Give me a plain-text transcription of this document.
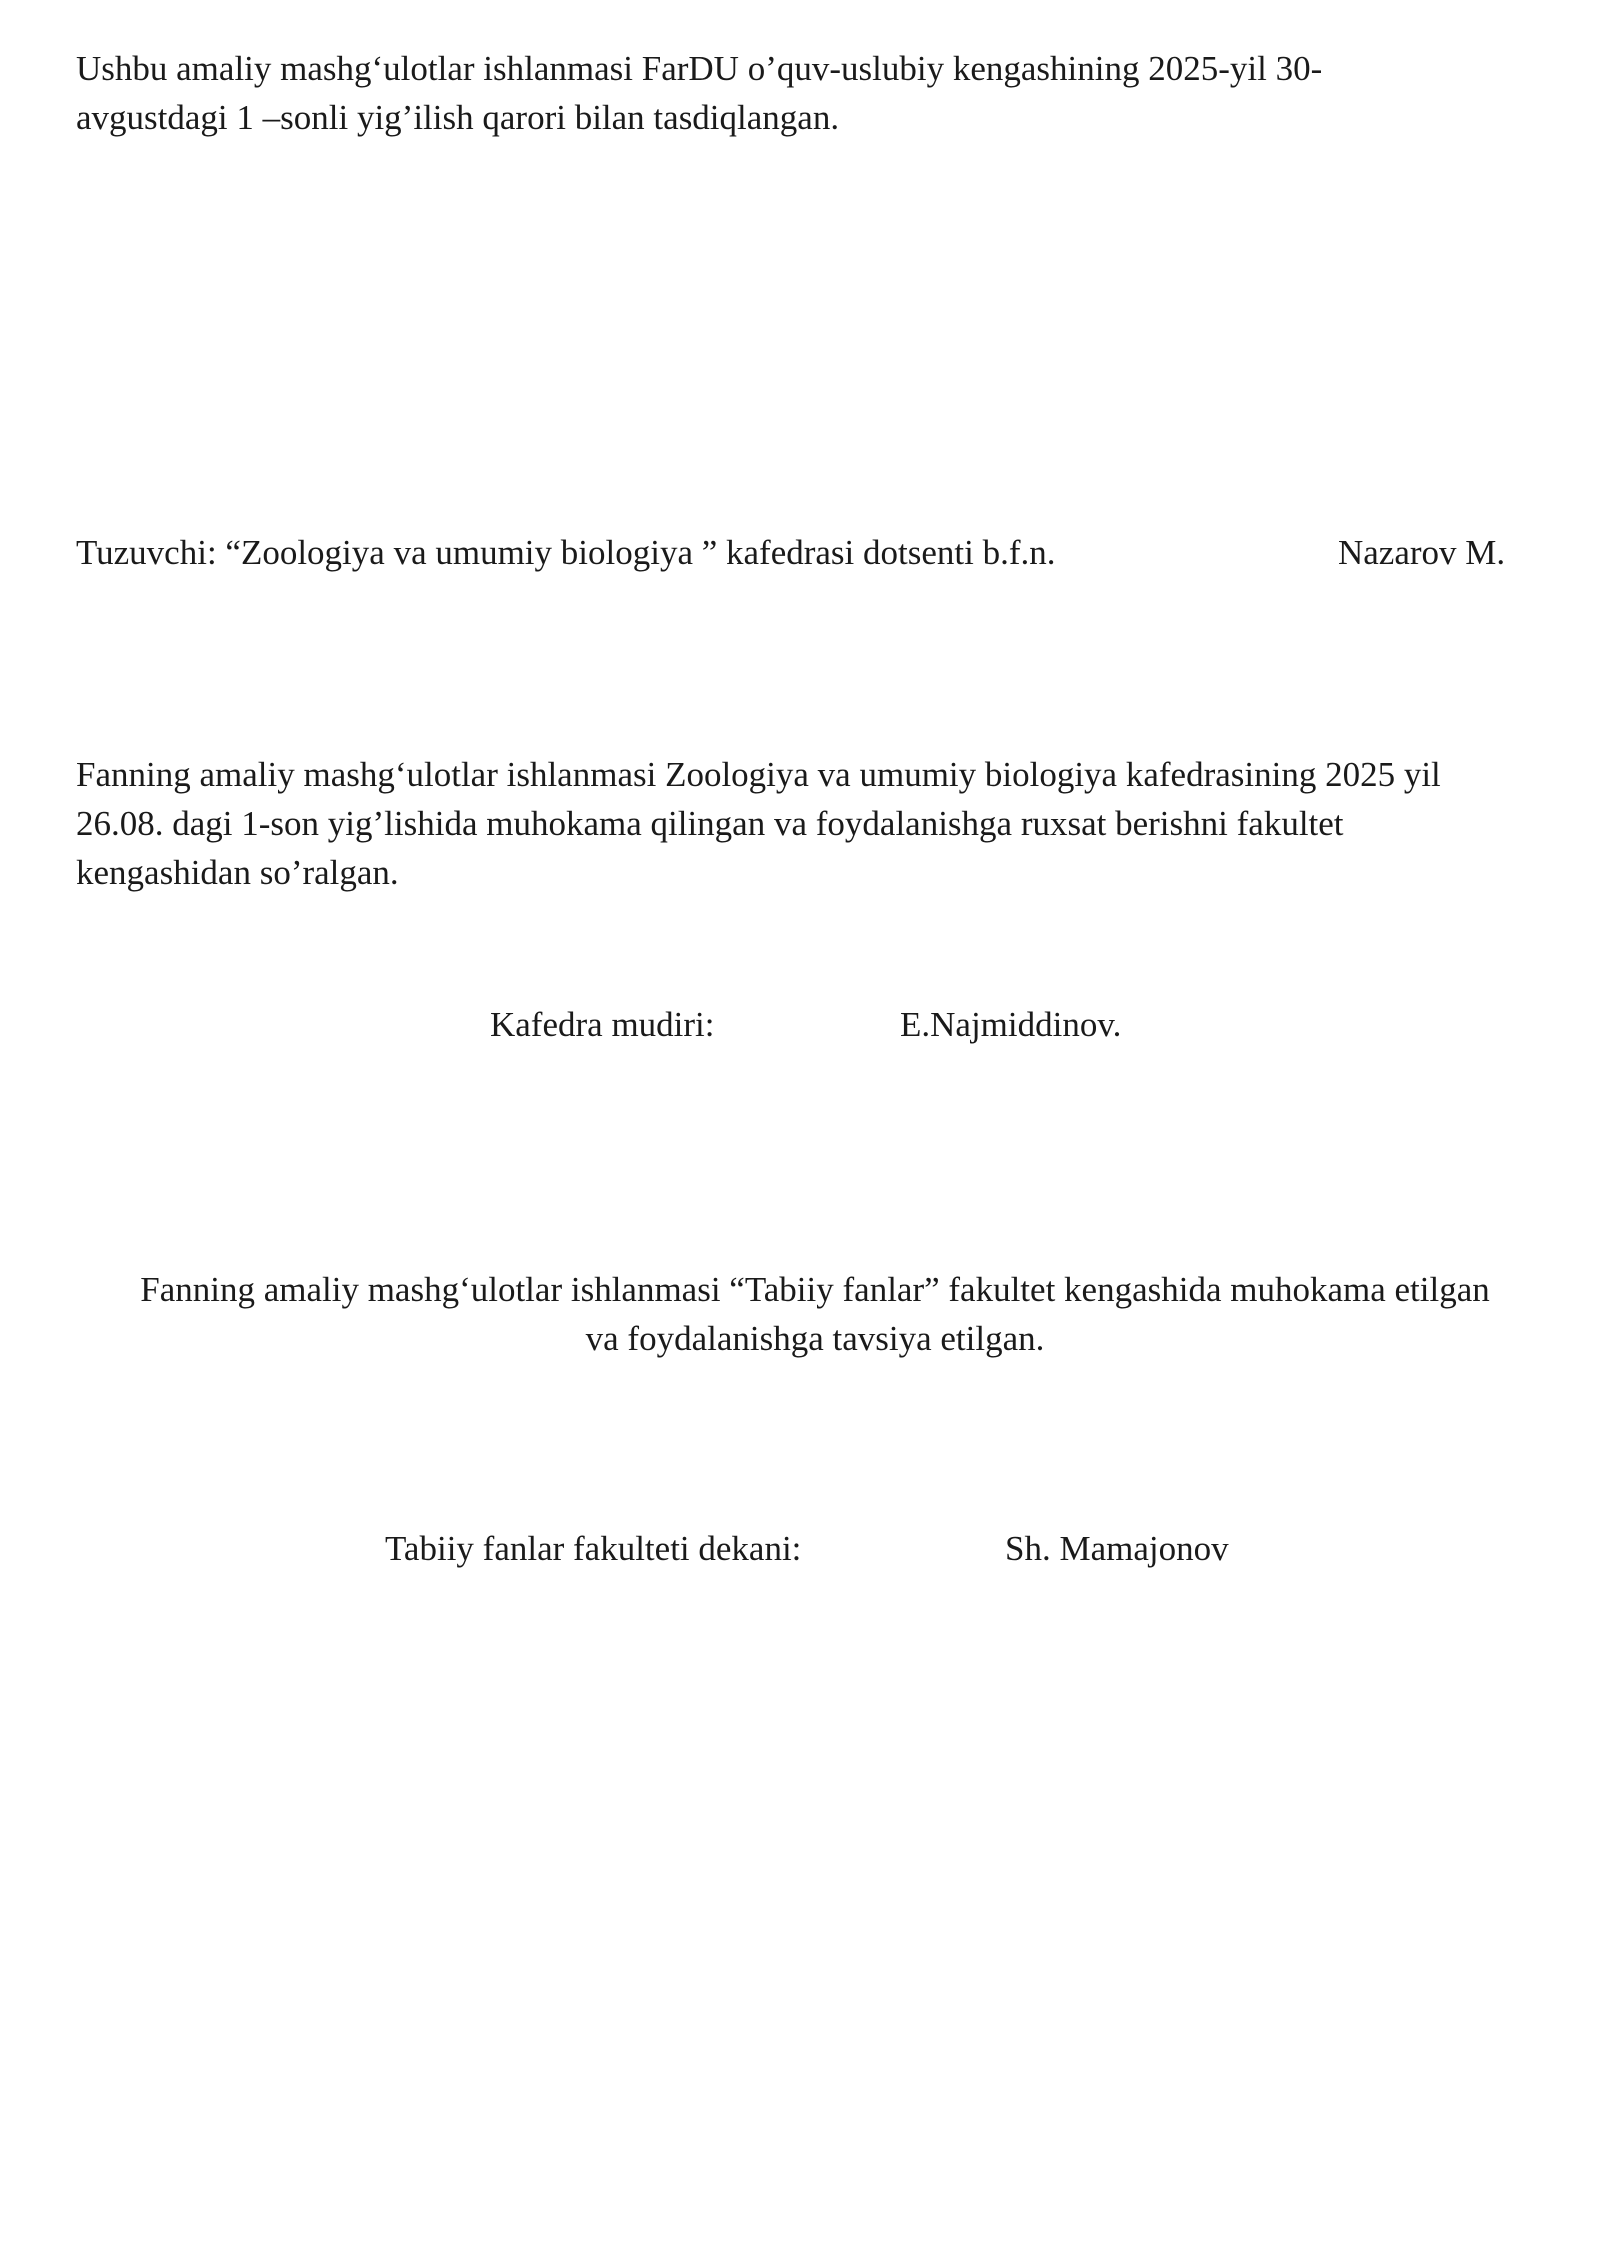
Ushbu amaliy mashg‘ulotlar ishlanmasi FarDU o’quv-uslubiy kengashining 2025-yil 30-

avgustdagi 1 –sonli yig’ilish qarori bilan tasdiqlangan.

Tuzuvchi: “Zoologiya va umumiy biologiya ” kafedrasi dotsenti b.f.n.	Nazarov M.

Fanning amaliy mashg‘ulotlar ishlanmasi Zoologiya va umumiy biologiya kafedrasining 2025 yil

26.08. dagi 1-son yig’lishida muhokama qilingan va foydalanishga ruxsat berishni fakultet

kengashidan so’ralgan.

Kafedra mudiri:	E.Najmiddinov.

Fanning amaliy mashg‘ulotlar ishlanmasi “Tabiiy fanlar” fakultet kengashida muhokama etilgan

va foydalanishga tavsiya etilgan.

Tabiiy fanlar fakulteti dekani:	Sh. Mamajonov
